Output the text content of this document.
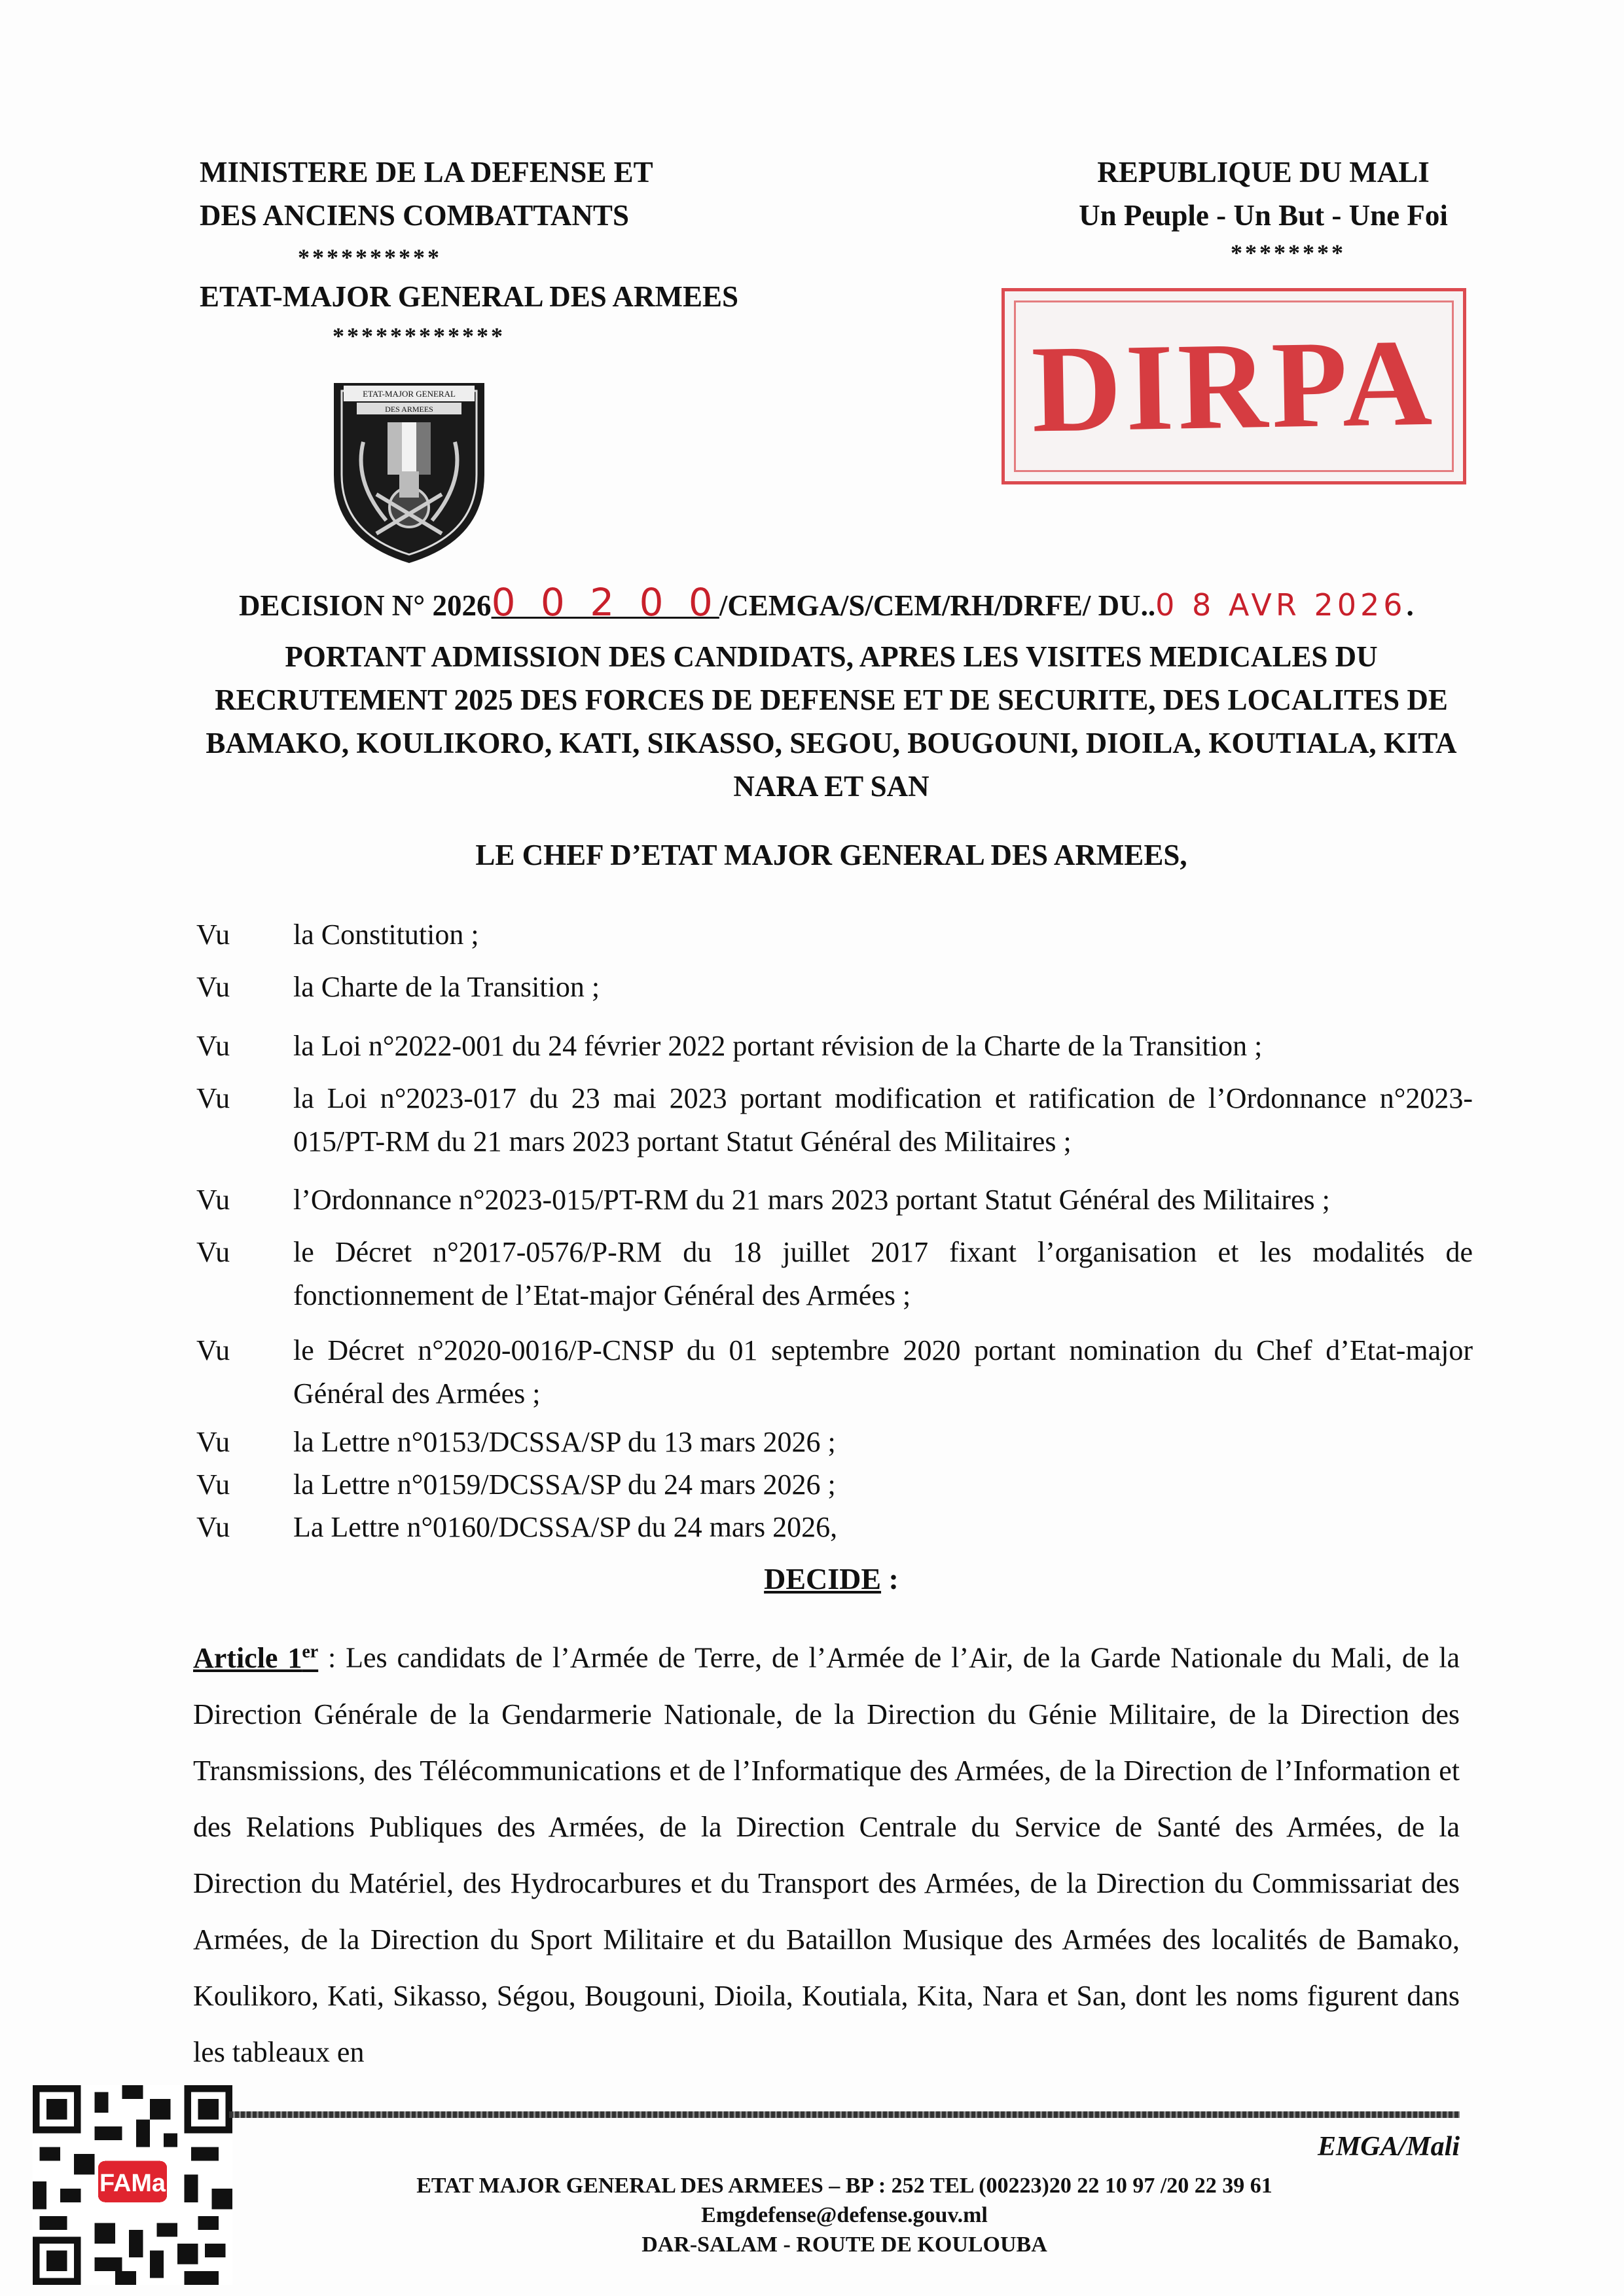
MINISTERE DE LA DEFENSE ET
DES ANCIENS COMBATTANTS
**********
ETAT-MAJOR GENERAL DES ARMEES
************
ETAT-MAJOR GENERAL
DES ARMEES
REPUBLIQUE DU MALI
Un Peuple - Un But - Une Foi
********
DIRPA
DECISION N° 20260 0 2 0 0/CEMGA/S/CEM/RH/DRFE/ DU..0 8 AVR 2026.
PORTANT ADMISSION DES CANDIDATS, APRES LES VISITES MEDICALES DU RECRUTEMENT 2025 DES FORCES DE DEFENSE ET DE SECURITE, DES LOCALITES DE BAMAKO, KOULIKORO, KATI, SIKASSO, SEGOU, BOUGOUNI, DIOILA, KOUTIALA, KITA NARA ET SAN
LE CHEF D’ETAT MAJOR GENERAL DES ARMEES,
Vu	la Constitution ;
Vu	la Charte de la Transition ;
Vu	la Loi n°2022-001 du 24 février 2022 portant révision de la Charte de la Transition ;
Vu	la Loi n°2023-017 du 23 mai 2023 portant modification et ratification de l’Ordonnance n°2023-015/PT-RM du 21 mars 2023 portant Statut Général des Militaires ;
Vu	l’Ordonnance n°2023-015/PT-RM du 21 mars 2023 portant Statut Général des Militaires ;
Vu	le Décret n°2017-0576/P-RM du 18 juillet 2017 fixant l’organisation et les modalités de fonctionnement de l’Etat-major Général des Armées ;
Vu	le Décret n°2020-0016/P-CNSP du 01 septembre 2020 portant nomination du Chef d’Etat-major Général des Armées ;
Vu	la Lettre n°0153/DCSSA/SP du 13 mars 2026 ;
Vu	la Lettre n°0159/DCSSA/SP du 24 mars 2026 ;
Vu	La Lettre n°0160/DCSSA/SP du 24 mars 2026,
DECIDE :
Article 1er : Les candidats de l’Armée de Terre, de l’Armée de l’Air, de la Garde Nationale du Mali, de la Direction Générale de la Gendarmerie Nationale, de la Direction du Génie Militaire, de la Direction des Transmissions, des Télécommunications et de l’Informatique des Armées, de la Direction de l’Information et des Relations Publiques des Armées, de la Direction Centrale du Service de Santé des Armées, de la Direction du Matériel, des Hydrocarbures et du Transport des Armées, de la Direction du Commissariat des Armées, de la Direction du Sport Militaire et du Bataillon Musique des Armées des localités de Bamako, Koulikoro, Kati, Sikasso, Ségou, Bougouni, Dioila, Koutiala, Kita, Nara et San, dont les noms figurent dans les tableaux en
FAMa
EMGA/Mali
ETAT MAJOR GENERAL DES ARMEES – BP : 252 TEL (00223)20 22 10 97 /20 22 39 61
Emgdefense@defense.gouv.ml
DAR-SALAM - ROUTE DE KOULOUBA
